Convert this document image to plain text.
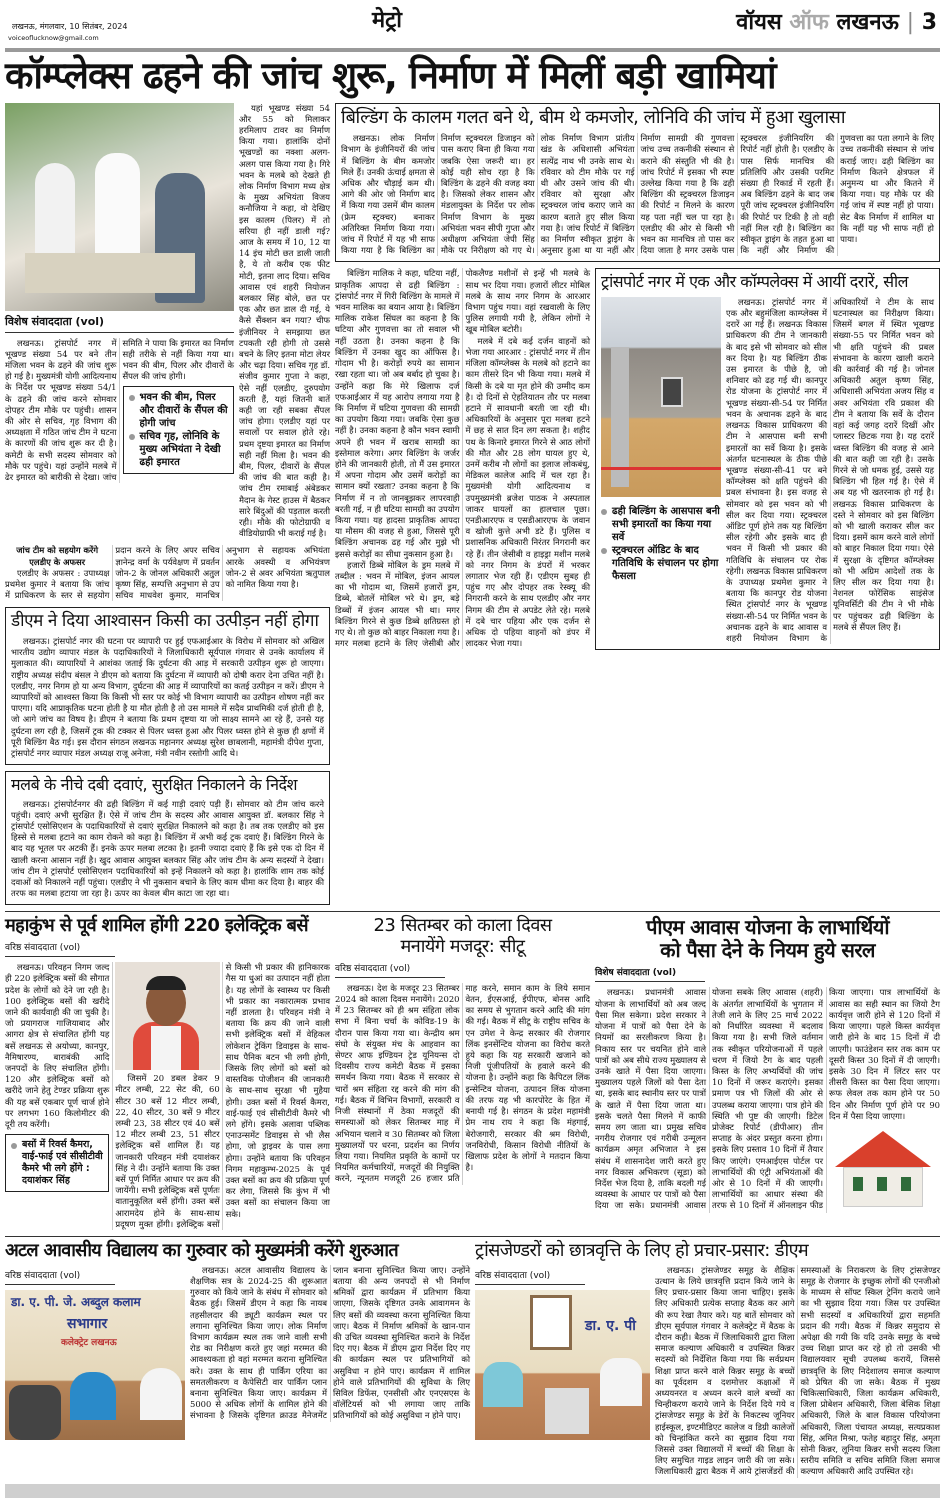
लखनऊ, मंगलवार, 10 सितंबर, 2024
voiceoflucknow@gmail.com
मेट्रो	वॉयस ऑफ लखनऊ | 3
कॉम्प्लेक्स ढहने की जांच शुरू, निर्माण में मिलीं बड़ी खामियां
विशेष संवाददाता (vol)

लखनऊ। ट्रांसपोर्ट नगर में भूखण्ड संख्या 54 पर बने तीन मंजिला भवन के ढहने की जांच शुरू हो गई है। मुख्यमंत्री योगी आदित्यनाथ के निर्देश पर भूखण्ड संख्या 54/1 के ढहने की जांच करने सोमवार दोपहर टीम मौके पर पहुंची। शासन की ओर से सचिव, गृह विभाग की अध्यक्षता में गठित जांच टीम ने घटना के कारणों की जांच शुरू कर दी है। कमेटी के सभी सदस्य सोमवार को मौके पर पहुंचे। यहां उन्होंने मलबे में ढेर इमारत को बारीकी से देखा। जांच समिति ने पाया कि इमारत का निर्माण सही तरीके से नहीं किया गया था। भवन की बीम, पिलर और दीवारों के सैंपल की जांच होगी।

भवन की बीम, पिलर और दीवारों के सैंपल की होगी जांच
सचिव गृह, लोनिवि के मुख्य अभियंता ने देखी ढही इमारत

यहां भूखण्ड संख्या 54 और 55 को मिलाकर हरमिलाप टावर का निर्माण किया गया। हालांकि दोनों भूखण्डों का नक्शा अलग-अलग पास किया गया है। गिरे भवन के मलबे को देखते ही लोक निर्माण विभाग मध्य क्षेत्र के मुख्य अभियंता विजय कनौजिया ने कहा, वो देखिए इस कालम (पिलर) में तो सरिया ही नहीं डाली गई? आज के समय में 10, 12 या 14 इंच मोटी छत डाली जाती है, ये तो करीब एक फीट मोटी, इतना लाद दिया। सचिव आवास एवं शहरी नियोजन बलकार सिंह बोले, छत पर एक और छत डाल दी गई, ये कैसे सैंक्शन बन गया? चीफ इंजीनियर ने समझाया छत टपकती रही होगी तो उससे बचने के लिए इतना मोटा लेयर और चढ़ा दिया। सचिव गृह डॉ. संजीव कुमार गुप्ता ने कहा, ऐसे नहीं एलडीए, दुरुपयोग करती हैं, यहां जितनी बातें कही जा रही सबका सैंपल जांच होगा। एलडीए यहां पर सवालों पर सवाल होते रहे। प्रथम दृष्टया इमारत का निर्माण सही नहीं मिला है। भवन की बीम, पिलर, दीवारों के सैंपल की जांच की बात कही है। जांच टीम रमाबाई अंबेडकर मैदान के गेस्ट हाउस में बैठकर सारे बिंदुओं की पड़ताल करती रही। मौके की फोटोग्राफी व वीडियोग्राफी भी कराई गई है।

जांच टीम को सहयोग करेंगे एलडीए के अफसर

एलडीए के अफसर : उपाध्यक्ष प्रथमेश कुमार ने बताया कि जांच में प्राधिकरण के स्तर से सहयोग प्रदान करने के लिए अपर सचिव ज्ञानेन्द्र वर्मा के पर्यवेक्षण में प्रवर्तन जोन-2 के जोनल अधिकारी अतुल कृष्ण सिंह, सम्पत्ति अनुभाग से उप सचिव माधवेश कुमार, मानचित्र अनुभाग से सहायक अभियंता आरके अवस्थी व अभियंत्रण जोन-2 से अवर अभियंता ऋतुपाल को नामित किया गया है।

डीएम ने दिया आश्वासन किसी का उत्पीड़न नहीं होगा

लखनऊ। ट्रांसपोर्ट नगर की घटना पर व्यापारी पर हुई एफआईआर के विरोध में सोमवार को अखिल भारतीय उद्योग व्यापार मंडल के पदाधिकारियों ने जिलाधिकारी सूर्यपाल गंगवार से उनके कार्यालय में मुलाकात की। व्यापारियों ने आशंका जताई कि दुर्घटना की आड़ में सरकारी उत्पीड़न शुरू हो जाएगा। राष्ट्रीय अध्यक्ष संदीप बंसल ने डीएम को बताया कि दुर्घटना में व्यापारी को दोषी करार देना उचित नहीं है। एलडीए, नगर निगम हो या अन्य विभाग, दुर्घटना की आड़ में व्यापारियों का कतई उत्पीड़न न करें। डीएम ने व्यापारियों को आश्वस्त किया कि किसी भी स्तर पर कोई भी विभाग व्यापारी का उत्पीड़न शोषण नहीं कर पाएगा। यदि आप्राकृतिक घटना होती है या मौत होती है तो उस मामले में सदैव प्राथमिकी दर्ज होती ही है, जो आगे जांच का विषय है। डीएम ने बताया कि प्रथम दृष्टया या जो साक्ष्य सामने आ रहे हैं, उनसे यह दुर्घटना लग रही है, जिसमें ट्रक की टक्कर से पिलर ध्वस्त हुआ और पिलर ध्वस्त होने से कुछ ही क्षणों में पूरी बिल्डिंग बैठ गई। इस दौरान संगठन लखनऊ महानगर अध्यक्ष सुरेश छाबलानी, महामंत्री दीपेश गुप्ता, ट्रांसपोर्ट नगर व्यापार मंडल अध्यक्ष राजू अनेजा, मंत्री नवीन रस्तोगी आदि थे।

मलबे के नीचे दबी दवाएं, सुरक्षित निकालने के निर्देश

लखनऊ। ट्रांसपोर्टनगर की ढही बिल्डिंग में कई गाड़ी दवाएं पड़ी हैं। सोमवार को टीम जांच करने पहुंची। दवाएं अभी सुरक्षित हैं। ऐसे में जांच टीम के सदस्य और आवास आयुक्त डॉ. बलकार सिंह ने ट्रांसपोर्ट एसोसिएशन के पदाधिकारियों से दवाएं सुरक्षित निकालने को कहा है। तब तक एलडीए को इस हिस्से से मलबा हटाने का काम रोकने को कहा है। बिल्डिंग में अभी कई ट्रक दवाएं हैं। बिल्डिंग गिरने के बाद यह भूतल पर अटकी हैं। इनके ऊपर मलबा लटका है। इतनी ज्यादा दवाएं हैं कि इसे एक दो दिन में खाली करना आसान नहीं है। खुद आवास आयुक्त बलकार सिंह और जांच टीम के अन्य सदस्यों ने देखा। जांच टीम ने ट्रांसपोर्ट एसोसिएशन पदाधिकारियों को इन्हें निकालने को कहा है। हालांकि शाम तक कोई दवाओं को निकालने नहीं पहुंचा। एलडीए ने भी नुकसान बचाने के लिए काम धीमा कर दिया है। बाहर की तरफ का मलबा हटाया जा रहा है। ऊपर का केवल बीम काटा जा रहा था।

बिल्डिंग के कालम गलत बने थे, बीम थे कमजोर, लोनिवि की जांच में हुआ खुलासा

लखनऊ। लोक निर्माण विभाग के इंजीनियरों की जांच में बिल्डिंग के बीम कमजोर मिले हैं। उनकी ऊंचाई क्षमता से अधिक और चौड़ाई कम थी। आगे की ओर जो निर्माण बाद में किया गया उसमें बीम कालम (फ्रेम स्ट्रक्चर) बनाकर अतिरिक्त निर्माण किया गया। जांच में रिपोर्ट में यह भी साफ किया गया है कि बिल्डिंग का निर्माण स्ट्रक्चरल डिजाइन को पास कराए बिना ही किया गया जबकि ऐसा जरूरी था। हर कोई यही सोच रहा है कि बिल्डिंग के ढहने की वजह क्या है। जिसको लेकर शासन और मंडलायुक्त के निर्देश पर लोक निर्माण विभाग के मुख्य अभियंता भवन सीपी गुप्ता और अधीक्षण अभियंता जेपी सिंह मौके पर निरीक्षण को गए थे। लोक निर्माण विभाग प्रांतीय खंड के अधिशासी अभियंता सत्येंद्र नाथ भी उनके साथ थे। रविवार को टीम मौके पर गई थी और उसने जांच की थी। रविवार को सुरक्षा और स्ट्रक्चरल जांच कराए जाने का कारण बताते हुए सील किया गया है। जांच रिपोर्ट में बिल्डिंग का निर्माण स्वीकृत ड्राइंग के अनुसार हुआ था या नहीं और निर्माण सामग्री की गुणवत्ता जांच उच्च तकनीकी संस्थान से कराने की संस्तुति भी की है। जांच रिपोर्ट में इसका भी स्पष्ट उल्लेख किया गया है कि ढही बिल्डिंग की स्ट्रक्चरल डिजाइन की रिपोर्ट न मिलने के कारण यह पता नहीं चल पा रहा है। एलडीए की ओर से किसी भी भवन का मानचित्र तो पास कर दिया जाता है मगर उसके पास स्ट्रक्चरल इंजीनियरिंग की रिपोर्ट नहीं होती है। एलडीए के पास सिर्फ मानचित्र की प्रतिलिपि और उसकी परमिट संख्या ही रिकार्ड में रहती हैं। अब बिल्डिंग ढहने के बाद जब पूरी जांच स्ट्रक्चरल इंजीनियरिंग की रिपोर्ट पर टिकी है तो वही नहीं मिल रही है। बिल्डिंग का स्वीकृत ड्राइंग के तहत हुआ था कि नहीं और निर्माण की गुणवत्ता का पता लगाने के लिए उच्च तकनीकी संस्थान से जांच कराई जाए। ढही बिल्डिंग का निर्माण कितने क्षेत्रफल में अनुमन्य था और कितने में किया गया। यह मौके पर की गई जांच में स्पष्ट नहीं हो पाया। सेट बैक निर्माण में शामिल था कि नहीं यह भी साफ नहीं हो पाया।

बिल्डिंग मालिक ने कहा, घटिया नहीं, प्राकृतिक आपदा से ढही बिल्डिंग : ट्रांसपोर्ट नगर में गिरी बिल्डिंग के मामले में भवन मालिक का बयान आया है। बिल्डिंग मालिक राकेश सिंघल का कहना है कि घटिया और गुणवत्ता का तो सवाल भी नहीं उठता है। उनका कहना है कि बिल्डिंग में उनका खुद का ऑफिस है। गोदाम भी है। करोड़ों रुपये का सामान रखा रहता था। जो अब बर्बाद हो चुका है। उन्होंने कहा कि मेरे खिलाफ दर्ज एफआईआर में यह आरोप लगाया गया है कि निर्माण में घटिया गुणवत्ता की सामग्री का उपयोग किया गया। जबकि ऐसा कुछ नहीं है। उनका कहना है कौन भवन स्वामी अपने ही भवन में खराब सामग्री का इस्तेमाल करेगा। अगर बिल्डिंग के जर्जर होने की जानकारी होती, तो मैं उस इमारत में अपना गोदाम और उसमें करोड़ों का सामान क्यों रखता? उनका कहना है कि निर्माण में न तो जानबूझकर लापरवाही बरती गई, न ही घटिया सामग्री का उपयोग किया गया। यह हादसा प्राकृतिक आपदा या मौसम की वजह से हुआ, जिससे पूरी बिल्डिंग अचानक ढह गई और मुझे भी इससे करोड़ों का सीधा नुकसान हुआ है।

हजारों डिब्बे मोबिल के ड्रम मलबे में तब्दील : भवन में मोबिल, इंजन आयल का भी गोदाम था, जिसमें हजारों ड्रम, डिब्बे, बोतलें मोबिल भरे थे। ड्रम, बड़े डिब्बों में इंजन आयल भी था। मगर बिल्डिंग गिरने से कुछ डिब्बे क्षतिग्रस्त हो गए थे। तो कुछ को बाहर निकाला गया है। मगर मलबा हटाने के लिए जेसीबी और पोकलैण्ड मशीनों से इन्हें भी मलबे के साथ भर दिया गया। हजारों लीटर मोबिल मलबे के साथ नगर निगम के आरआर विभाग पहुंच गया। वहां रखवाली के लिए पुलिस लगायी गयी है, लेकिन लोगों ने खूब मोबिल बटोरी।

मलबे में दबे कई दर्जन वाहनों को भेजा गया आरआर : ट्रांसपोर्ट नगर में तीन मंजिला कॉम्प्लेक्स के मलबे को हटाने का काम तीसरे दिन भी किया गया। मलबे में किसी के दबे या मृत होने की उम्मीद कम है। दो दिनों से ऐहतियातन तौर पर मलबा हटाने में सावधानी बरती जा रही थी। अधिकारियों के अनुसार पूरा मलबा हटने में छह से सात दिन लग सकता है। शहीद पथ के किनारे इमारत गिरने से आठ लोगों की मौत और 28 लोग घायल हुए थे, उनमें करीब नौ लोगों का इलाज लोकबंधु, मेडिकल कालेज आदि में चल रहा है। मुख्यमंत्री योगी आदित्यनाथ व उपमुख्यमंत्री ब्रजेश पाठक ने अस्पताल जाकर घायलों का हालचाल पूछा। एनडीआरएफ व एसडीआरएफ के जवान व खोजी कुत्ते अभी डटे हैं। पुलिस व प्रशासनिक अधिकारी निरंतर निगरानी कर रहे हैं। तीन जेसीबी व हाइड्रा मशीन मलबे को नगर निगम के डंपरों में भरकर लगातार भेज रही हैं। एडीएम सुबह ही पहुंच गए और दोपहर तक रेस्क्यू की निगरानी करने के साथ एलडीए और नगर निगम की टीम से अपडेट लेते रहे। मलबे में दबे चार पहिया और एक दर्जन से अधिक दो पहिया वाहनों को डंपर में लादकर भेजा गया।

ट्रांसपोर्ट नगर में एक और कॉम्पलेक्स में आयीं दरारें, सील
ढही बिल्डिंग के आसपास बनी सभी इमारतों का किया गया सर्वे
स्ट्रक्चरल ऑडिट के बाद गतिविधि के संचालन पर होगा फैसला

लखनऊ। ट्रांसपोर्ट नगर में एक और बहुमंजिला काम्प्लेक्स में दरारें आ गई हैं। लखनऊ विकास प्राधिकरण की टीम ने जानकारी के बाद इसे भी सोमवार को सील कर दिया है। यह बिल्डिंग ठीक उस इमारत के पीछे है, जो शनिवार को ढह गई थी। कानपुर रोड योजना के ट्रांसपोर्ट नगर में भूखण्ड संख्या-सी-54 पर निर्मित भवन के अचानक ढहने के बाद लखनऊ विकास प्राधिकरण की टीम ने आसपास बनी सभी इमारतों का सर्वे किया है। इसके अंतर्गत घटनास्थल के ठीक पीछे भूखण्ड संख्या-सी-41 पर बने कॉम्प्लेक्स को क्षति पहुंचने की प्रबल संभावना है। इस वजह से सोमवार को इस भवन को भी सील कर दिया गया। स्ट्रक्चरल ऑडिट पूर्ण होने तक यह बिल्डिंग सील रहेगी और इसके बाद ही भवन में किसी भी प्रकार की गतिविधि के संचालन पर रोक रहेगी। लखनऊ विकास प्राधिकरण के उपाध्यक्ष प्रथमेश कुमार ने बताया कि कानपुर रोड योजना स्थित ट्रांसपोर्ट नगर के भूखण्ड संख्या-सी-54 पर निर्मित भवन के अचानक ढहने के बाद आवास व शहरी नियोजन विभाग के अधिकारियों ने टीम के साथ घटनास्थल का निरीक्षण किया। जिसमें बगल में स्थित भूखण्ड संख्या-55 पर निर्मित भवन को भी क्षति पहुंचने की प्रबल संभावना के कारण खाली कराने की कार्रवाई की गई है। जोनल अधिकारी अतुल कृष्ण सिंह, अधिशासी अभियंता अजय सिंह व अवर अभियंता रवि प्रकाश की टीम ने बताया कि सर्वे के दौरान वहां कई जगह दरारें दिखीं और प्लास्टर छिटक गया है। यह दरारें ध्वस्त बिल्डिंग की वजह से आने की बात कही जा रही है। उसके गिरने से जो धमक हुई, उससे यह बिल्डिंग भी हिल गई है। ऐसे में अब यह भी खतरनाक हो गई है। लखनऊ विकास प्राधिकरण के दस्ते ने सोमवार को इस बिल्डिंग को भी खाली कराकर सील कर दिया। इसमें काम करने वाले लोगों को बाहर निकाल दिया गया। ऐसे में सुरक्षा के दृष्टिगत कॉम्प्लेक्स को भी अग्रिम आदेशों तक के लिए सील कर दिया गया है। नेशनल फोरेंसिक साइंसेज यूनिवर्सिटी की टीम ने भी मौके पर पहुंचकर ढही बिल्डिंग के मलबे से सैंपल लिए हैं।

महाकुंभ से पूर्व शामिल होंगी 220 इलेक्ट्रिक बसें
वरिष्ठ संवाददाता (vol)

लखनऊ। परिवहन निगम जल्द ही 220 इलेक्ट्रिक बसों की सौगात प्रदेश के लोगों को देने जा रही है। 100 इलेक्ट्रिक बसों की खरीदे जाने की कार्यवाही की जा चुकी है। जो प्रयागराज गाजियाबाद और आगरा क्षेत्र से संचालित होंगी यह बसें लखनऊ से अयोध्या, कानपुर, नैमिषारण्य, बाराबंकी आदि जनपदों के लिए संचालित होंगी। 120 और इलेक्ट्रिक बसों को खरीदे जाने हेतु टेण्डर प्रक्रिया शुरू की यह बसें एकबार पूर्ण चार्ज होने पर लगभग 160 किलोमीटर की दूरी तय करेंगी।

बसों में रिवर्स कैमरा, वाई-फाई एवं सीसीटीवी कैमरे भी लगे होंगे : दयाशंकर सिंह

जिसमें 20 डबल डेकर 9 मीटर लम्बी, 22 सेट की, 60 सीटर 30 बसें 12 मीटर लम्बी, 22, 40 सीटर, 30 बसें 9 मीटर लम्बी 23, 38 सीटर एवं 40 बसें 12 मीटर लम्बी 23, 51 सीटर इलेक्ट्रिक बसें शामिल हैं। यह जानकारी परिवहन मंत्री दयाशंकर सिंह ने दी। उन्होंने बताया कि उक्त बसें पूर्ण निर्मित आधार पर क्रय की जायेंगी। सभी इलेक्ट्रिक बसें पूर्णतः वातानुकूलित बसें होंगी। उक्त बसें आरामदेय होने के साथ-साथ प्रदूषण मुक्त होंगी। इलेक्ट्रिक बसों से किसी भी प्रकार की हानिकारक गैस या धुआं का उत्पादन नहीं होता है। यह लोगों के स्वास्थ्य पर किसी भी प्रकार का नकारात्मक प्रभाव नहीं डालता है। परिवहन मंत्री ने बताया कि क्रय की जाने वाली सभी इलेक्ट्रिक बसों में वेहिकल लोकेशन ट्रेकिंग डिवाइस के साथ-साथ पैनिक बटन भी लगी होगी, जिसके लिए लोगों को बसों को वास्तविक पोजीशन की जानकारी के साथ-साथ सुरक्षा भी मुहैया होगी। उक्त बसों में रिवर्स कैमरा, वाई-फाई एवं सीसीटीवी कैमरे भी लगे होंगे। इसके अलावा पब्लिक एनाउन्समेंट डिवाइस से भी लैस होगा, जो ड्राइवर के पास लगा होगा। उन्होंने बताया कि परिवहन निगम महाकुम्भ-2025 के पूर्व उक्त बसों का क्रय की प्रक्रिया पूर्ण कर लेगा, जिससे कि कुंभ में भी उक्त बसों का संचालन किया जा सके।

23 सितम्बर को काला दिवस
मनायेंगे मजदूर: सीटू
वरिष्ठ संवाददाता (vol)

लखनऊ। देश के मजदूर 23 सितम्बर 2024 को काला दिवस मनायेंगे। 2020 में 23 सितम्बर को ही श्रम संहिता लोक सभा में बिना चर्चा के कोविड-19 के दौरान पास किया गया था। केन्द्रीय श्रम संघो के संयुक्त मंच के आहवान का सेण्टर आफ इण्डियन ट्रेड यूनियन्स दो दिवसीय राज्य कमेटी बैठक में इसका समर्थन किया गया। बैठक में सरकार से चारों श्रम संहिता रद्द करने की मांग की गई। बैठक में विभिन विभागों, सरकारी व निजी संस्थानों में ठेका मजदूरों की समस्याओं को लेकर सितम्बर माह में अभियान चलाने व 30 सितम्बर को जिला मुख्यालयों पर धरना, प्रदर्शन का निर्णय लिया गया। नियमित प्रकृति के कामों पर नियमित कर्मचारियों, मजदूरों की नियुक्ति करने, न्यूनतम मजदूरी 26 हजार प्रति माह करने, समान काम के लिये समान वेतन, ईएसआई, ईपीएफ, बोनस आदि का समय से भुगतान करने आदि की मांग की गई। बैठक में सीटू के राष्ट्रीय सचिव के एन उमेश ने केन्द्र सरकार की रोजगार लिंक इनसेंन्टिव योजना का विरोध करते हुये कहा कि यह सरकारी खजाने को निजी पूंजीपतियों के हवाले करने की योजना है। उन्होंने कहा कि कैपिटल लिंक इन्सेन्टिव योजना, उत्पादन लिंक योजना की तरफ यह भी कारपोरेट के हित में बनायी गई है। संगठन के प्रदेश महामंत्री प्रेम नाथ राय ने कहा कि मंहगाई, बेरोजगारी, सरकार की श्रम विरोधी, जनविरोधी, किसान विरोधी नीतियों के खिलाफ प्रदेश के लोगों ने मतदान किया है।

पीएम आवास योजना के लाभार्थियों
को पैसा देने के नियम हुये सरल
विशेष संवाददाता (vol)

लखनऊ। प्रधानमंत्री आवास योजना के लाभार्थियों को अब जल्द पैसा मिल सकेगा। प्रदेश सरकार ने योजना में पात्रों को पैसा देने के नियमों का सरलीकरण किया है। निकाय स्तर पर चयनित होने वाले पात्रों को अब सीधे राज्य मुख्यालय से उनके खाते में पैसा दिया जाएगा। मुख्यालय पहले जिलों को पैसा देता था, इसके बाद स्थानीय स्तर पर पात्रों के खाते में पैसा दिया जाता था। इसके चलते पैसा मिलने में काफी समय लग जाता था। प्रमुख सचिव नगरीय रोजगार एवं गरीबी उन्मूलन कार्यक्रम अमृत अभिजात ने इस संबंध में शासनादेश जारी करते हुए नगर विकास अभिकरण (सूडा) को निर्देश भेज दिया है, ताकि बदली गई व्यवस्था के आधार पर पात्रों को पैसा दिया जा सके। प्रधानमंत्री आवास योजना सबके लिए आवास (शहरी) के अंतर्गत लाभार्थियों के भुगतान में तेजी लाने के लिए 25 मार्च 2022 को निर्धारित व्यवस्था में बदलाव किया गया है। सभी जिले वर्तमान तक स्वीकृत परियोजनाओं में पहले चरण में जियो टैग के बाद पहली किस्त के लिए अभ्यर्थियों की जांच 10 दिनों में जरूर कराएंगे। इसका प्रमाण पत्र भी जिलों की ओर से उपलब्ध कराया जाएगा। पात्र होने की स्थिति भी पुष्ट की जाएगी। डिटेल प्रोजेक्ट रिपोर्ट (डीपीआर) तीन सप्ताह के अंदर प्रस्तुत करना होगा। इसके लिए प्रस्ताव 10 दिनों में तैयार किए जाएंगे। एमआईएस पोर्टल पर लाभार्थियों की एंट्री अभियंताओं की ओर से 10 दिनों में की जाएगी। लाभार्थियों का आधार संस्था की तरफ से 10 दिनों में ऑनलाइन फीड किया जाएगा। पात्र लाभार्थियों के आवास का सही स्थान का जियो टैग कार्यवृत्त जारी होने से 120 दिनों में किया जाएगा। पहले किस्त कार्यवृत्त जारी होने के बाद 15 दिनों में दी जाएगी। फाउंडेशन स्तर तक काम पर दूसरी किस्त 30 दिनों में दी जाएगी। इसके 30 दिन में लिंटर स्तर पर तीसरी किस्त का पैसा दिया जाएगा। रूफ लेवल तक काम होने पर 50 दिन और निर्माण पूर्ण होने पर 90 दिन में पैसा दिया जाएगा।

अटल आवासीय विद्यालय का गुरुवार को मुख्यमंत्री करेंगे शुरुआत
वरिष्ठ संवाददाता (vol)
डा. ए. पी. जे. अब्दुल कलाम
सभागार
कलेक्ट्रेट लखनऊ

लखनऊ। अटल आवासीय विद्यालय के शैक्षणिक सत्र के 2024-25 की शुरूआत गुरुवार को किये जाने के संबंध में सोमवार को बैठक हुई। जिसमें डीएम ने कहा कि नायब तहसीलदार की ड्यूटी कार्यक्रम स्थल पर लगाना सुनिश्चित किया जाए। लोक निर्माण विभाग कार्यक्रम स्थल तक जाने वाली सभी रोड का निरीक्षण करते हुए जहां मरम्मत की आवश्यकता हो वहां मरम्मत कराना सुनिश्चित करे। उक्त के साथ ही पार्किंग एरिया का समतलीकरण व कैपेसिटी वार पार्किंग प्लान बनाना सुनिश्चित किया जाए। कार्यक्रम में 5000 से अधिक लोगों के शामिल होने की संभावना है जिसके दृष्टिगत क्राउड मैनेजमेंट प्लान बनाना सुनिश्चित किया जाए। उन्होंने बताया की अन्य जनपदों से भी निर्माण श्रमिकों द्वारा कार्यक्रम में प्रतिभाग किया जाएगा, जिसके दृष्टिगत उनके आवागमन के लिए बसों की व्यवस्था करना सुनिश्चित किया जाए। बैठक में निर्माण श्रमिकों के खान-पान की उचित व्यवस्था सुनिश्चित कराने के निर्देश दिए गए। बैठक में डीएम द्वारा निर्देश दिए गए की कार्यक्रम स्थल पर प्रतिभागियों को असुविधा न होने पाए। कार्यक्रम में शामिल होने वाले प्रतिभागियों की सुविधा के लिए सिविल डिफेंस, एनसीसी और एनएसएस के वॉलेंटियर्स को भी लगाया जाए ताकि प्रतिभागियों को कोई असुविधा न होने पाए।

ट्रांसजेण्डरों को छात्रवृत्ति के लिए हो प्रचार-प्रसार: डीएम
वरिष्ठ संवाददाता (vol)
डा. ए. पी

लखनऊ। ट्रांसजेण्डर समूह के शैक्षिक उत्थान के लिये छात्रवृत्ति प्रदान किये जाने के लिए प्रचार-प्रसार किया जाना चाहिए। इसके लिए अधिकारी प्रत्येक सप्ताह बैठक कर आगे की रूप रेखा तैयार करे। यह बातें सोमवार को डीएम सूर्यपाल गंगवार ने कलेक्ट्रेट में बैठक के दौरान कही। बैठक में जिलाधिकारी द्वारा जिला समाज कल्याण अधिकारी व उपस्थित किन्नर सदस्यों को निर्देशित किया गया कि सर्वप्रथम शिक्षा प्राप्त करने वाले किन्नर समूह के बच्चों का पूर्वदशम व दशमोत्तर कक्षाओं में अध्ययनरत व अध्यन करने वाले बच्चों का चिन्हीकरण कराये जाने के निर्देश दिये गये व ट्रांसजेण्डर समूह के डेरों के निकटस्थ जूनियर हाईस्कूल, इण्टमीडिएट कालेज व डिग्री कालेजों को चिन्हांकित करने का सुझाव दिया गया जिससे उक्त विद्यालयों में बच्चों की शिक्षा के लिए समुचित गाइड लाइन जारी की जा सके। जिलाधिकारी द्वारा बैठक में आये ट्रांसजेंडरों की समस्याओं के निराकरण के लिए ट्रांसजेण्डर समूह के रोजगार के इच्छुक लोगों की एनजीओ के माध्यम से सॉफ्ट स्किल ट्रेनिंग कराये जाने का भी सुझाव दिया गया। जिस पर उपस्थित सभी सदस्यों व अधिकारियों द्वारा सहमति प्रदान की गयी। बैठक में किन्नर समुदाय से अपेक्षा की गयी कि यदि उनके समूह के बच्चे उच्च शिक्षा प्राप्त कर रहे हो तो उसकी भी विद्यालयवार सूची उपलब्ध करायें, जिससे छात्रवृत्ति के लिए निदेशालय समाज कल्याण को प्रेषित की जा सके। बैठक में मुख्य चिकित्साधिकारी, जिला कार्यक्रम अधिकारी, जिला प्रोबेशन अधिकारी, जिला बेसिक शिक्षा अधिकारी, जिले के बाल विकास परियोजना अधिकारी, जिला पंचायत अध्यक्ष, सत्यप्रकाश सिंह, अमित मिश्रा, फतेह बहादुर सिंह, अमृता सोनी किन्नर, लूनिया किन्नर सभी सदस्य जिला स्तरीय समिति व सचिव समिति जिला समाज कल्याण अधिकारी आदि उपस्थित रहे।
